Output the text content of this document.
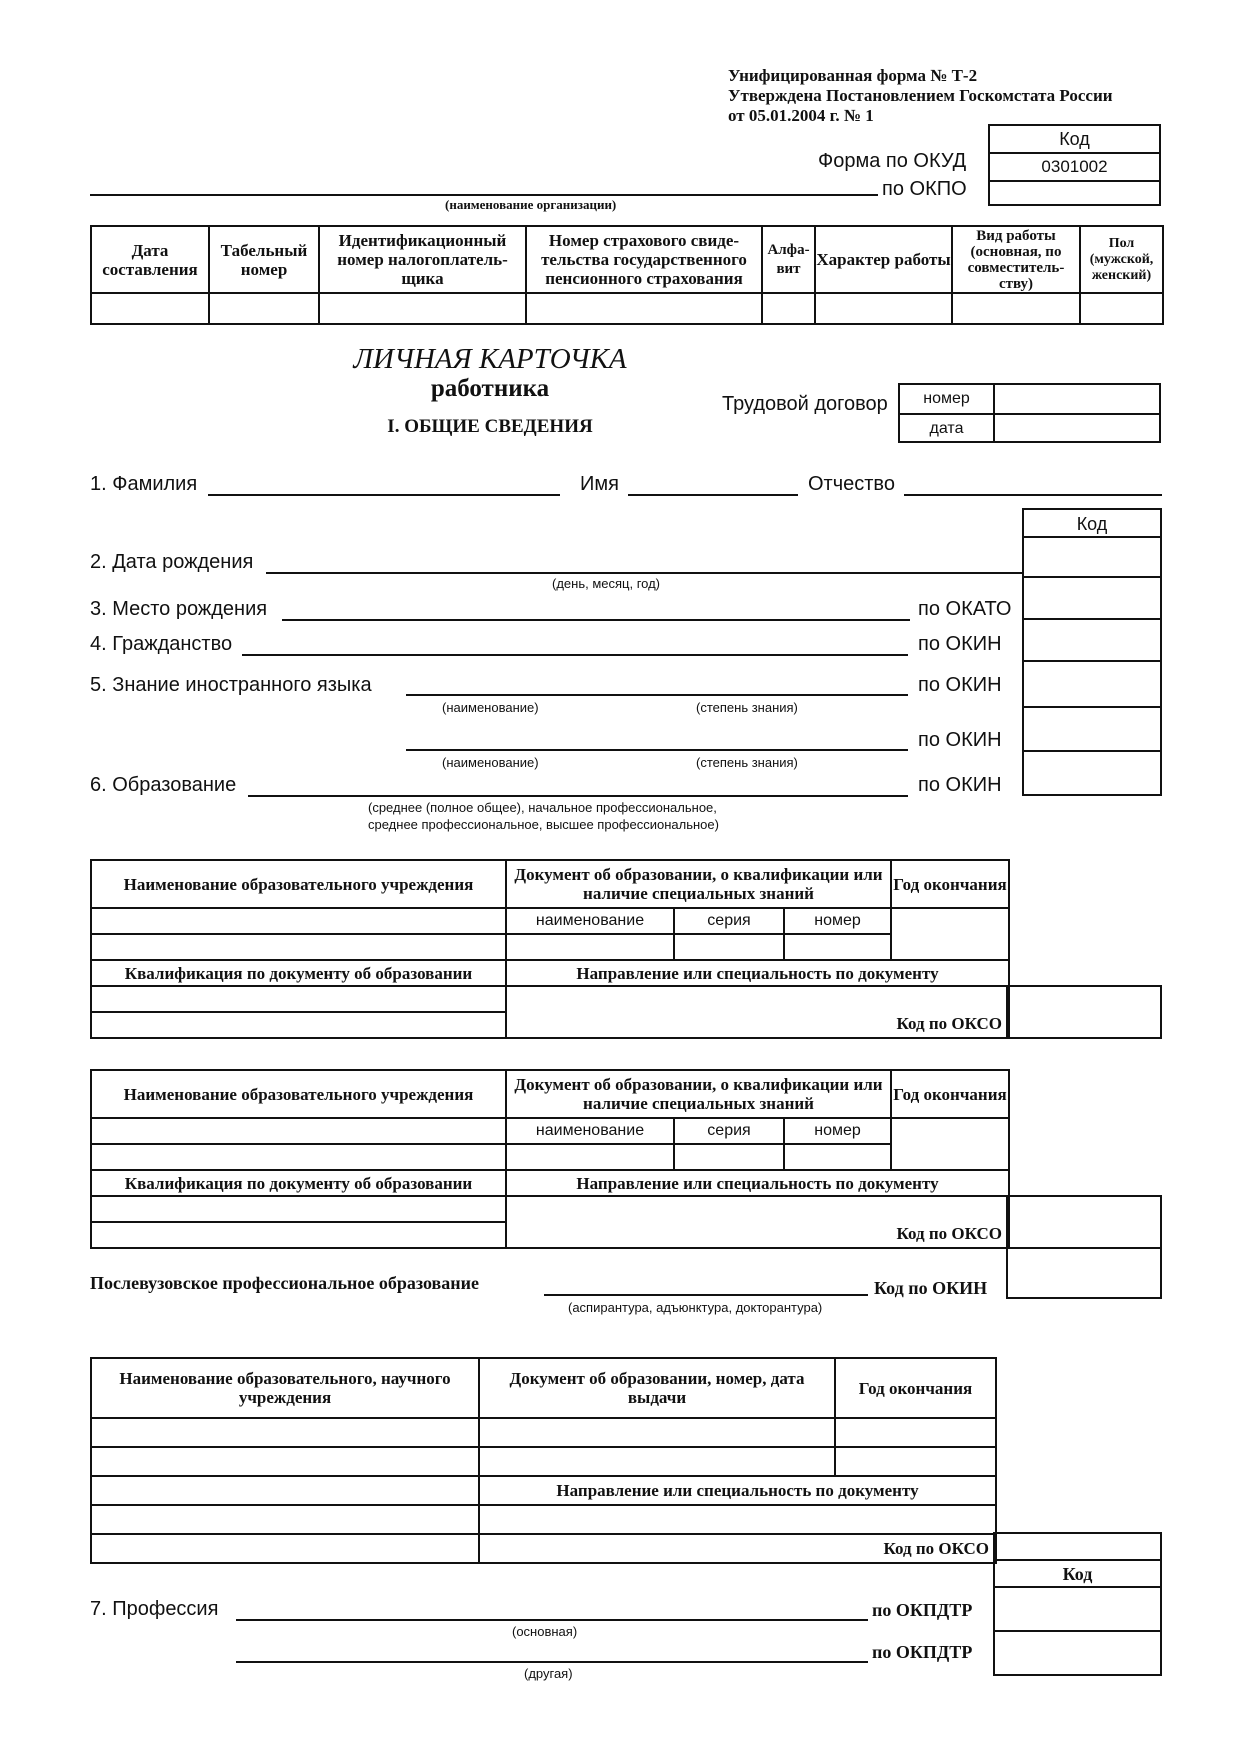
Унифицированная форма № Т-2
Утверждена Постановлением Госкомстата России
от 05.01.2004 г. № 1
Код
0301002
Форма по ОКУД
по ОКПО
(наименование организации)
Дата составления	Табельный номер	Идентификационный номер налогоплатель-щика	Номер страхового свиде-тельства государственного пенсионного страхования	Алфа-вит	Характер работы	Вид работы (основная, по совместитель-ству)	Пол (мужской, женский)

ЛИЧНАЯ КАРТОЧКА
работника
I. ОБЩИЕ СВЕДЕНИЯ
Трудовой договор	номер
дата
1. Фамилия	Имя	Отчество
Код
2. Дата рождения
(день, месяц, год)
3. Место рождения	по ОКАТО
4. Гражданство	по ОКИН
5. Знание иностранного языка	по ОКИН
(наименование)	(степень знания)
по ОКИН
(наименование)	(степень знания)
6. Образование	по ОКИН
(среднее (полное общее), начальное профессиональное,
среднее профессиональное, высшее профессиональное)
Наименование образовательного учреждения	Документ об образовании, о квалификации или наличие специальных знаний			Год окончания
	наименование	серия	номер	

Квалификация по документу об образовании	Направление или специальность по документу			
	Код по ОКСО			

Наименование образовательного учреждения	Документ об образовании, о квалификации или наличие специальных знаний			Год окончания
	наименование	серия	номер	

Квалификация по документу об образовании	Направление или специальность по документу			
	Код по ОКСО			

Послевузовское профессиональное образование	Код по ОКИН
(аспирантура, адъюнктура, докторантура)
Наименование образовательного, научного учреждения	Документ об образовании, номер, дата выдачи	Год окончания

	Направление или специальность по документу	

	Код по ОКСО	
Код
7. Профессия	по ОКПДТР
(основная)
по ОКПДТР
(другая)
